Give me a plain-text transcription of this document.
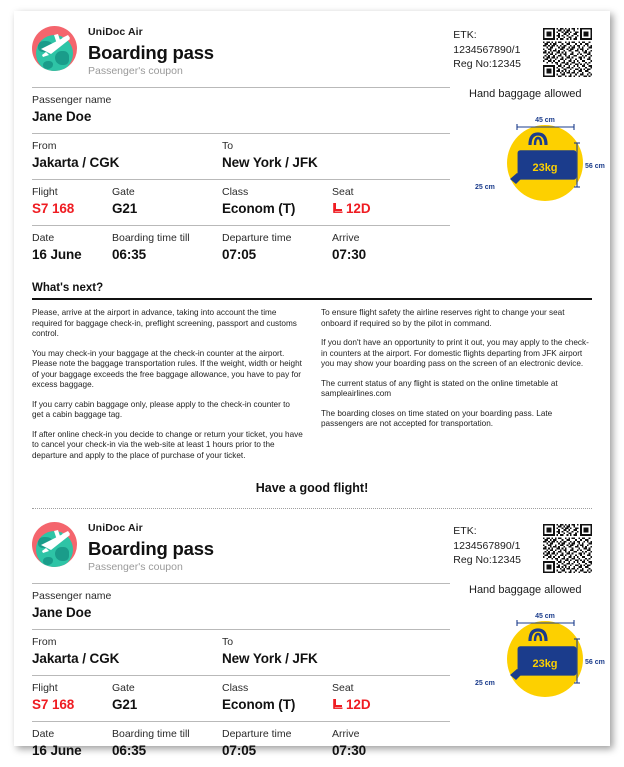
UniDoc Air
Boarding pass
Passenger's coupon
ETK:
1234567890/1
Reg No:12345
Passenger name
Jane Doe
From
Jakarta / CGK
To
New York / JFK
Flight
S7 168
Gate
G21
Class
Econom (T)
Seat
12D
Date
16 June
Boarding time till
06:35
Departure time
07:05
Arrive
07:30
Hand baggage allowed
45 cm
56 cm
25 cm
23kg
What's next?

Please, arrive at the airport in advance, taking into account the time required for baggage check-in, preflight screening, passport and customs control.

You may check-in your baggage at the check-in counter at the airport. Please note the baggage transportation rules. If the weight, width or height of your baggage exceeds the free baggage allowance, you have to pay for excess baggage.

If you carry cabin baggage only, please apply to the check-in counter to get a cabin baggage tag.

If after online check-in you decide to change or return your ticket, you have to cancel your check-in via the web-site at least 1 hours prior to the departure and apply to the place of purchase of your ticket.

To ensure flight safety the airline reserves right to change your seat onboard if required so by the pilot in command.

If you don't have an opportunity to print it out, you may apply to the check-in counters at the airport. For domestic flights departing from JFK airport you may show your boarding pass on the screen of an electronic device.

The current status of any flight is stated on the online timetable at sampleairlines.com

The boarding closes on time stated on your boarding pass. Late passengers are not accepted for transportation.

Have a good flight!
UniDoc Air
Boarding pass
Passenger's coupon
ETK:
1234567890/1
Reg No:12345
Passenger name
Jane Doe
From
Jakarta / CGK
To
New York / JFK
Flight
S7 168
Gate
G21
Class
Econom (T)
Seat
12D
Date
16 June
Boarding time till
06:35
Departure time
07:05
Arrive
07:30
Hand baggage allowed
45 cm
56 cm
25 cm
23kg
